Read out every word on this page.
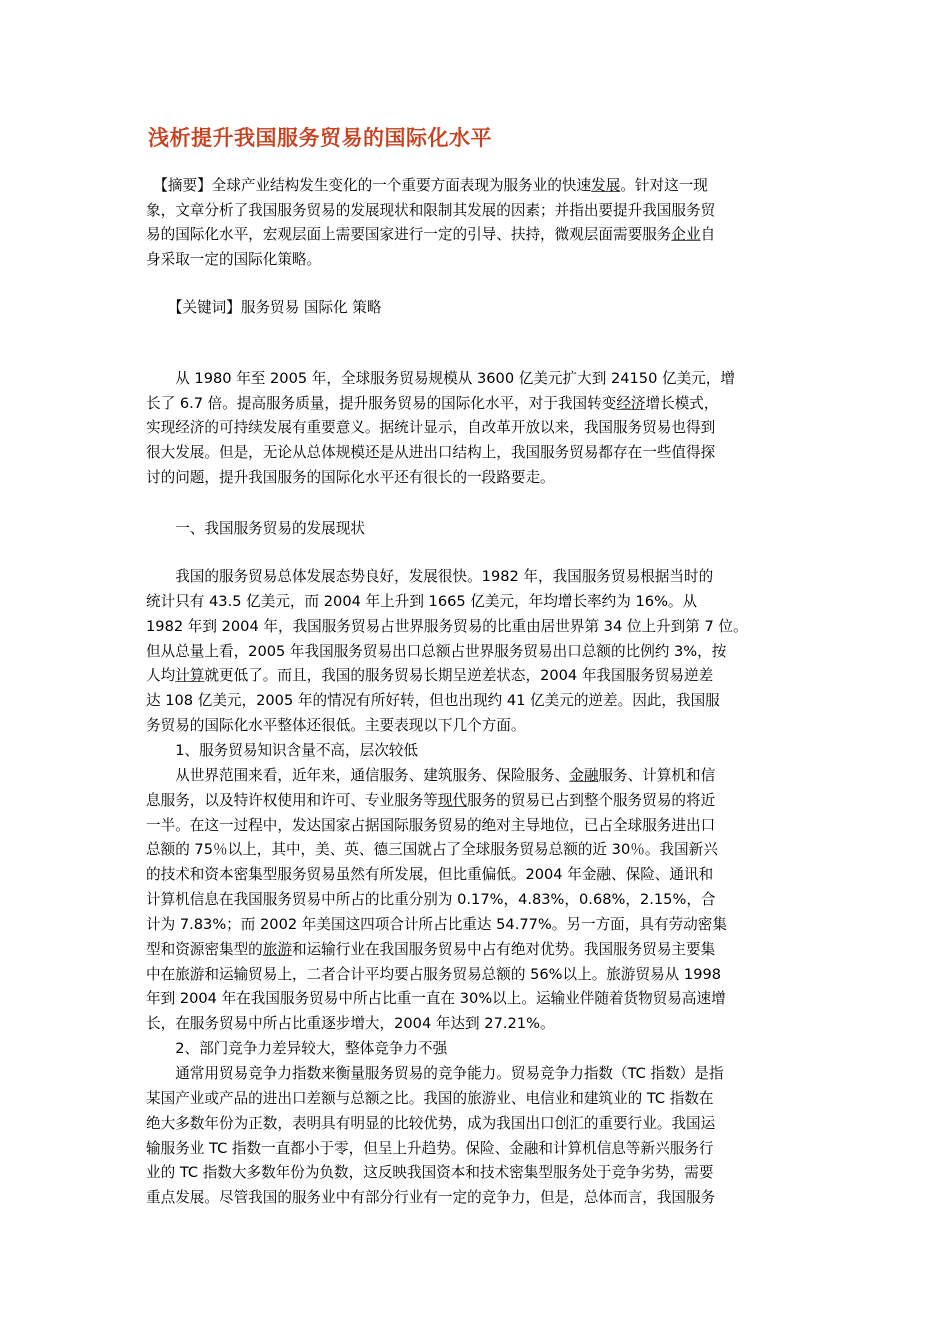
浅析提升我国服务贸易的国际化水平
　【摘要】全球产业结构发生变化的一个重要方面表现为服务业的快速发展。针对这一现
象，文章分析了我国服务贸易的发展现状和限制其发展的因素；并指出要提升我国服务贸
易的国际化水平，宏观层面上需要国家进行一定的引导、扶持，微观层面需要服务企业自
身采取一定的国际化策略。
　　【关键词】服务贸易 国际化 策略
　　从 1980 年至 2005 年，全球服务贸易规模从 3600 亿美元扩大到 24150 亿美元，增
长了 6.7 倍。提高服务质量，提升服务贸易的国际化水平，对于我国转变经济增长模式，
实现经济的可持续发展有重要意义。据统计显示，自改革开放以来，我国服务贸易也得到
很大发展。但是，无论从总体规模还是从进出口结构上，我国服务贸易都存在一些值得探
讨的问题，提升我国服务的国际化水平还有很长的一段路要走。
　　一、我国服务贸易的发展现状
　　我国的服务贸易总体发展态势良好，发展很快。1982 年，我国服务贸易根据当时的
统计只有 43.5 亿美元，而 2004 年上升到 1665 亿美元，年均增长率约为 16%。从
1982 年到 2004 年，我国服务贸易占世界服务贸易的比重由居世界第 34 位上升到第 7 位。
但从总量上看，2005 年我国服务贸易出口总额占世界服务贸易出口总额的比例约 3%，按
人均计算就更低了。而且，我国的服务贸易长期呈逆差状态，2004 年我国服务贸易逆差
达 108 亿美元，2005 年的情况有所好转，但也出现约 41 亿美元的逆差。因此，我国服
务贸易的国际化水平整体还很低。主要表现以下几个方面。
　　1、服务贸易知识含量不高，层次较低
　　从世界范围来看，近年来，通信服务、建筑服务、保险服务、金融服务、计算机和信
息服务，以及特许权使用和许可、专业服务等现代服务的贸易已占到整个服务贸易的将近
一半。在这一过程中，发达国家占据国际服务贸易的绝对主导地位，已占全球服务进出口
总额的 75％以上，其中，美、英、德三国就占了全球服务贸易总额的近 30％。我国新兴
的技术和资本密集型服务贸易虽然有所发展，但比重偏低。2004 年金融、保险、通讯和
计算机信息在我国服务贸易中所占的比重分别为 0.17%，4.83%，0.68%，2.15%，合
计为 7.83%；而 2002 年美国这四项合计所占比重达 54.77%。另一方面，具有劳动密集
型和资源密集型的旅游和运输行业在我国服务贸易中占有绝对优势。我国服务贸易主要集
中在旅游和运输贸易上，二者合计平均要占服务贸易总额的 56%以上。旅游贸易从 1998
年到 2004 年在我国服务贸易中所占比重一直在 30%以上。运输业伴随着货物贸易高速增
长，在服务贸易中所占比重逐步增大，2004 年达到 27.21%。
　　2、部门竞争力差异较大，整体竞争力不强
　　通常用贸易竞争力指数来衡量服务贸易的竞争能力。贸易竞争力指数（TC 指数）是指
某国产业或产品的进出口差额与总额之比。我国的旅游业、电信业和建筑业的 TC 指数在
绝大多数年份为正数，表明具有明显的比较优势，成为我国出口创汇的重要行业。我国运
输服务业 TC 指数一直都小于零，但呈上升趋势。保险、金融和计算机信息等新兴服务行
业的 TC 指数大多数年份为负数，这反映我国资本和技术密集型服务处于竞争劣势，需要
重点发展。尽管我国的服务业中有部分行业有一定的竞争力，但是，总体而言，我国服务
